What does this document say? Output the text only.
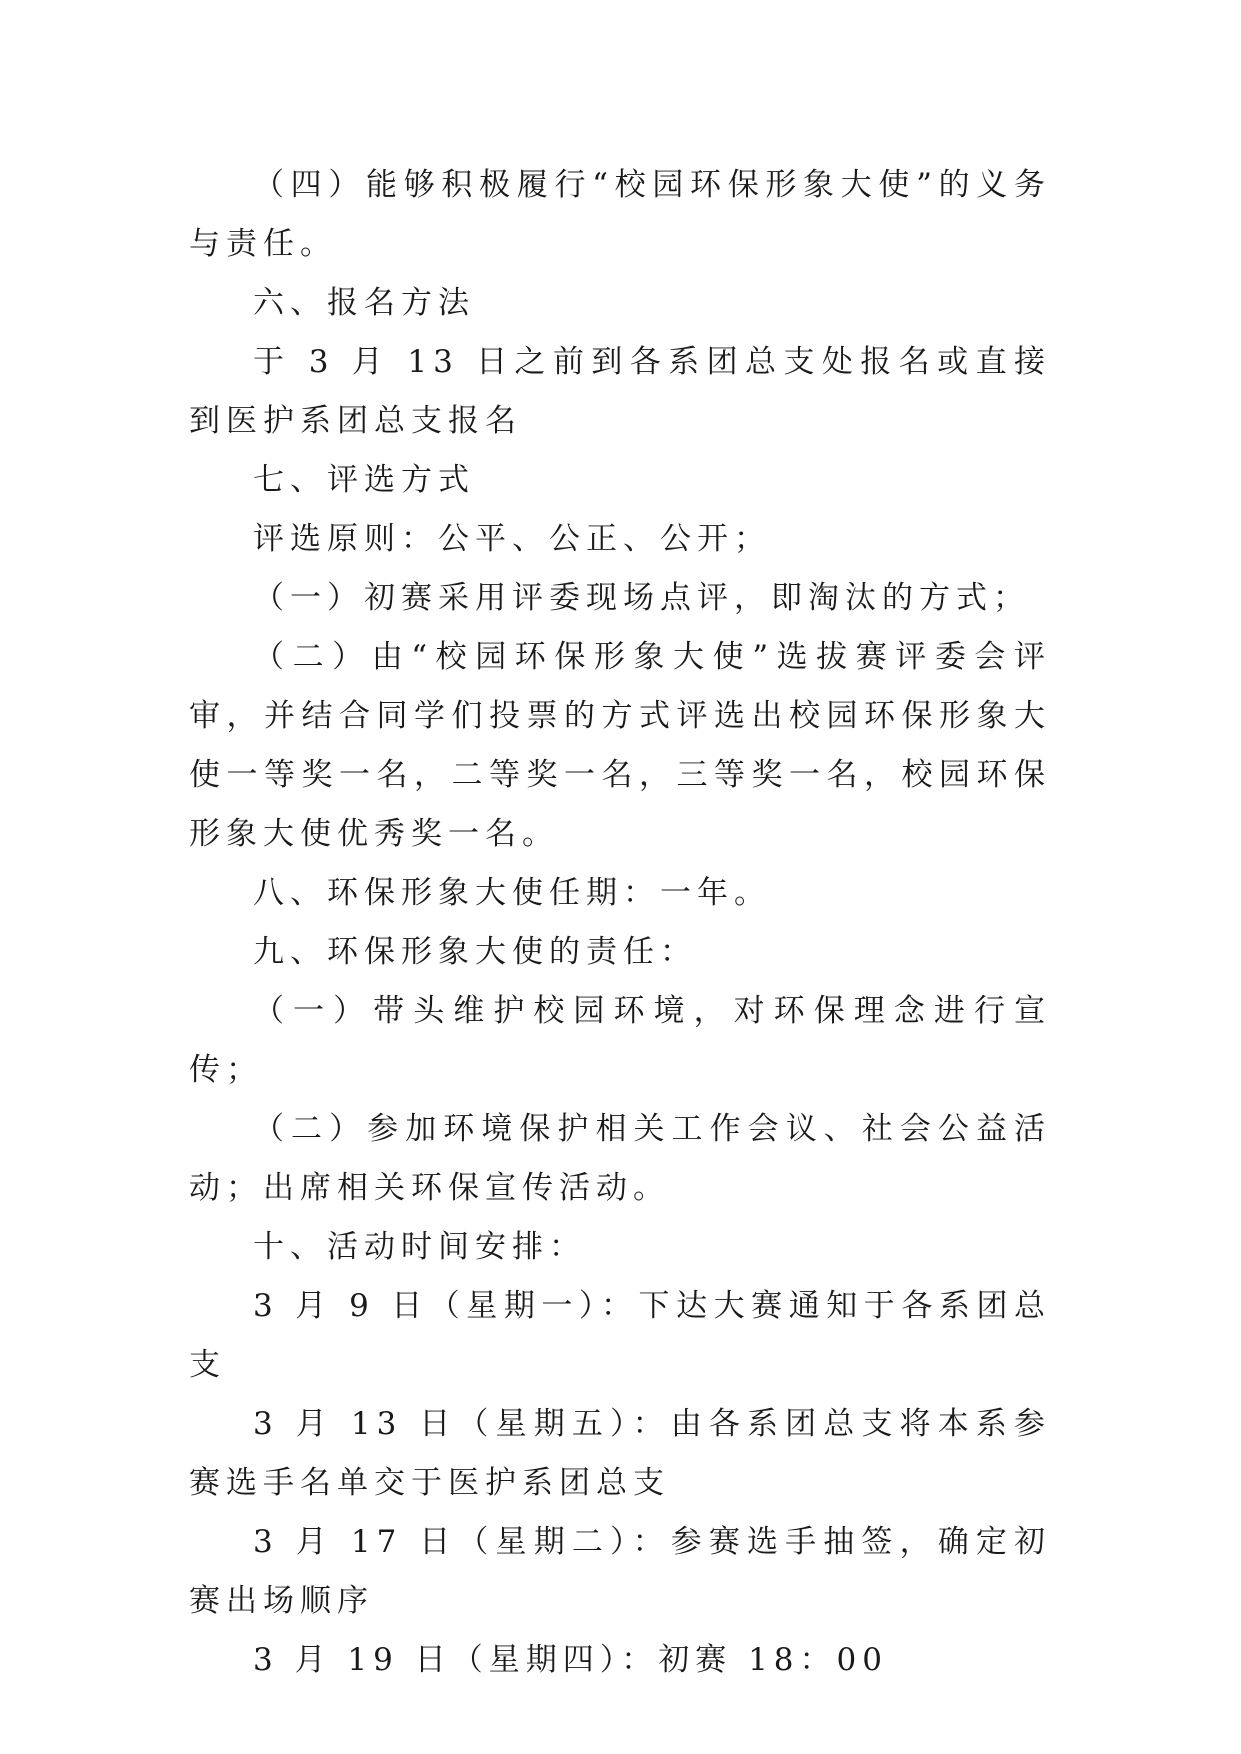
（四）能够积极履行“校园环保形象大使”的义务与责任。

六、报名方法

于 3 月 13 日之前到各系团总支处报名或直接到医护系团总支报名

七、评选方式

评选原则：公平、公正、公开；

（一）初赛采用评委现场点评，即淘汰的方式；

（二）由“校园环保形象大使”选拔赛评委会评审，并结合同学们投票的方式评选出校园环保形象大使一等奖一名，二等奖一名，三等奖一名，校园环保形象大使优秀奖一名。

八、环保形象大使任期：一年。

九、环保形象大使的责任：

（一）带头维护校园环境，对环保理念进行宣传；

（二）参加环境保护相关工作会议、社会公益活动；出席相关环保宣传活动。

十、活动时间安排：

3 月 9 日（星期一）：下达大赛通知于各系团总支

3 月 13 日（星期五）：由各系团总支将本系参赛选手名单交于医护系团总支

3 月 17 日（星期二）：参赛选手抽签，确定初赛出场顺序

3 月 19 日（星期四）：初赛 18：00
